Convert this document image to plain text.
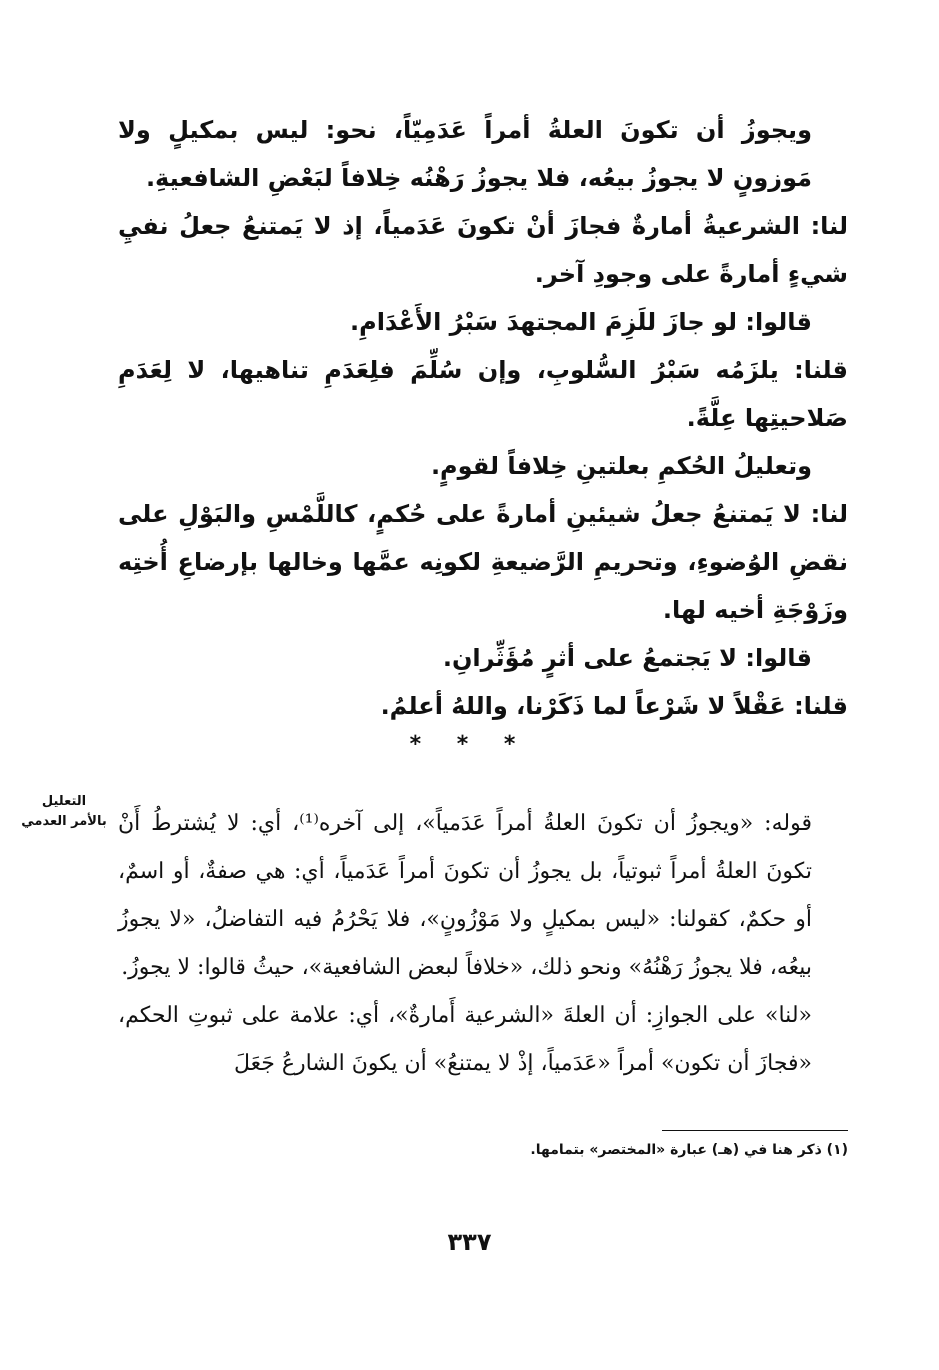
ويجوزُ أن تكونَ العلةُ أمراً عَدَمِيّاً، نحو: ليس بمكيلٍ ولا مَوزونٍ لا يجوزُ بيعُه، فلا يجوزُ رَهْنُه خِلافاً لبَعْضِ الشافعيةِ.

لنا: الشرعيةُ أمارةٌ فجازَ أنْ تكونَ عَدَمياً، إذ لا يَمتنعُ جعلُ نفيِ شيءٍ أمارةً على وجودِ آخر.

قالوا: لو جازَ للَزِمَ المجتهدَ سَبْرُ الأَعْدَامِ.

قلنا: يلزَمُه سَبْرُ السُّلوبِ، وإن سُلِّمَ فلِعَدَمِ تناهيها، لا لِعَدَمِ صَلاحيتِها عِلَّةً.

وتعليلُ الحُكمِ بعلتينِ خِلافاً لقومٍ.

لنا: لا يَمتنعُ جعلُ شيئينِ أمارةً على حُكمٍ، كاللَّمْسِ والبَوْلِ على نقضِ الوُضوءِ، وتحريمِ الرَّضيعةِ لكونِه عمَّها وخالها بإرضاعِ أُختِه وزَوْجَةِ أخيه لها.

قالوا: لا يَجتمعُ على أثرٍ مُؤَثِّرانِ.

قلنا: عَقْلاً لا شَرْعاً لما ذَكَرْنا، واللهُ أعلمُ.

* * *
التعليل
بالأمر العدمي قوله: «ويجوزُ أن تكونَ العلةُ أمراً عَدَمياً»، إلى آخره⁽¹⁾، أي: لا يُشترطُ أَنْ تكونَ العلةُ أمراً ثبوتياً، بل يجوزُ أن تكونَ أمراً عَدَمياً، أي: هي صفةٌ، أو اسمٌ، أو حكمٌ، كقولنا: «ليس بمكيلٍ ولا مَوْزُونٍ»، فلا يَحْرُمُ فيه التفاضلُ، «لا يجوزُ بيعُه، فلا يجوزُ رَهْنُهُ» ونحو ذلك، «خلافاً لبعض الشافعية»، حيثُ قالوا: لا يجوزُ.

«لنا» على الجوازِ: أن العلةَ «الشرعية أَمارةٌ»، أي: علامة على ثبوتِ الحكم، «فجازَ أن تكون» أمراً «عَدَمياً، إذْ لا يمتنعُ» أن يكونَ الشارعُ جَعَلَ

(١) ذكر هنا في (هـ) عبارة «المختصر» بتمامها.
٣٣٧
